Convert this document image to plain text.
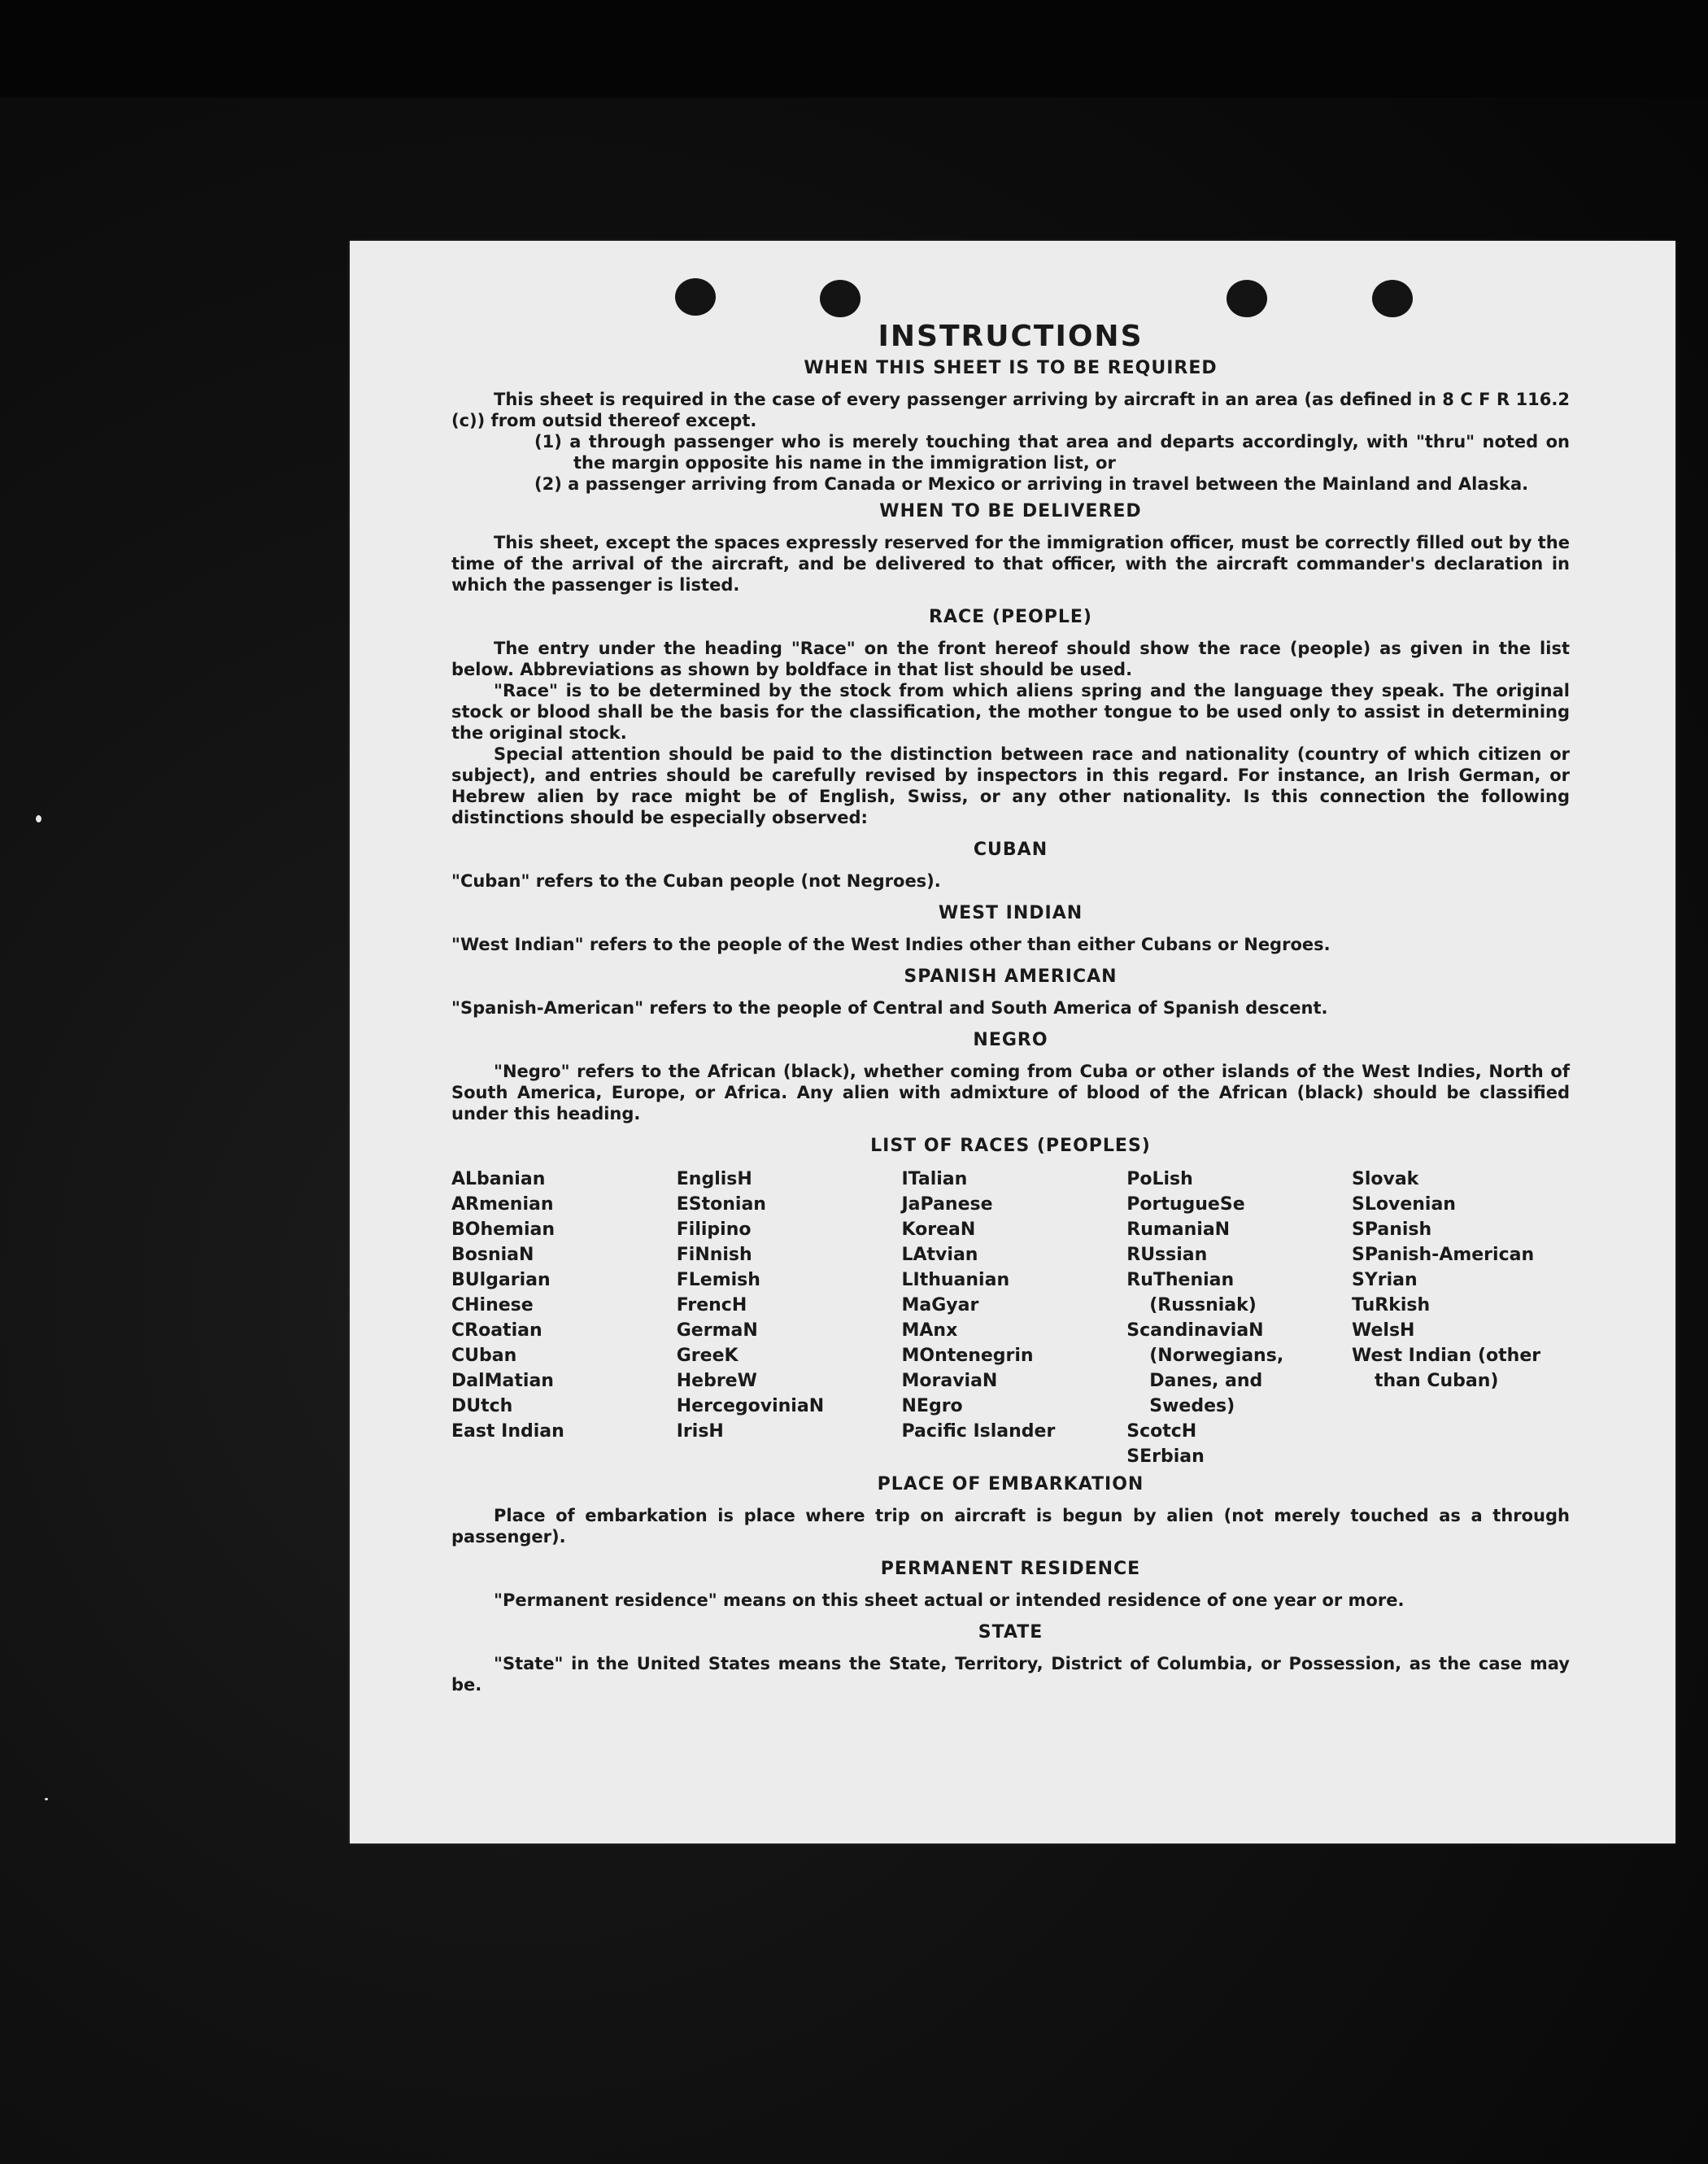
INSTRUCTIONS
WHEN THIS SHEET IS TO BE REQUIRED

This sheet is required in the case of every passenger arriving by aircraft in an area (as defined in 8 C F R 116.2 (c)) from outsid thereof except.

(1) a through passenger who is merely touching that area and departs accordingly, with "thru" noted on the margin opposite his name in the immigration list, or
(2) a passenger arriving from Canada or Mexico or arriving in travel between the Mainland and Alaska.
WHEN TO BE DELIVERED

This sheet, except the spaces expressly reserved for the immigration officer, must be correctly filled out by the time of the arrival of the aircraft, and be delivered to that officer, with the aircraft commander's declaration in which the passenger is listed.

RACE (PEOPLE)

The entry under the heading "Race" on the front hereof should show the race (people) as given in the list below. Abbreviations as shown by boldface in that list should be used.

"Race" is to be determined by the stock from which aliens spring and the language they speak. The original stock or blood shall be the basis for the classification, the mother tongue to be used only to assist in determining the original stock.

Special attention should be paid to the distinction between race and nationality (country of which citizen or subject), and entries should be carefully revised by inspectors in this regard. For instance, an Irish German, or Hebrew alien by race might be of English, Swiss, or any other nationality. Is this connection the following distinctions should be especially observed:

CUBAN

"Cuban" refers to the Cuban people (not Negroes).

WEST INDIAN

"West Indian" refers to the people of the West Indies other than either Cubans or Negroes.

SPANISH AMERICAN

"Spanish-American" refers to the people of Central and South America of Spanish descent.

NEGRO

"Negro" refers to the African (black), whether coming from Cuba or other islands of the West Indies, North of South America, Europe, or Africa. Any alien with admixture of blood of the African (black) should be classified under this heading.

LIST OF RACES (PEOPLES)
ALbanian
ARmenian
BOhemian
BosniaN
BUlgarian
CHinese
CRoatian
CUban
DalMatian
DUtch
East Indian
EnglisH
EStonian
Filipino
FiNnish
FLemish
FrencH
GermaN
GreeK
HebreW
HercegoviniaN
IrisH
ITalian
JaPanese
KoreaN
LAtvian
LIthuanian
MaGyar
MAnx
MOntenegrin
MoraviaN
NEgro
Pacific Islander
PoLish
PortugueSe
RumaniaN
RUssian
RuThenian (Russniak)
ScandinaviaN (Norwegians, Danes, and Swedes)
ScotcH
SErbian
Slovak
SLovenian
SPanish
SPanish-American
SYrian
TuRkish
WelsH
West Indian (other than Cuban)
PLACE OF EMBARKATION

Place of embarkation is place where trip on aircraft is begun by alien (not merely touched as a through passenger).

PERMANENT RESIDENCE

"Permanent residence" means on this sheet actual or intended residence of one year or more.

STATE

"State" in the United States means the State, Territory, District of Columbia, or Possession, as the case may be.
